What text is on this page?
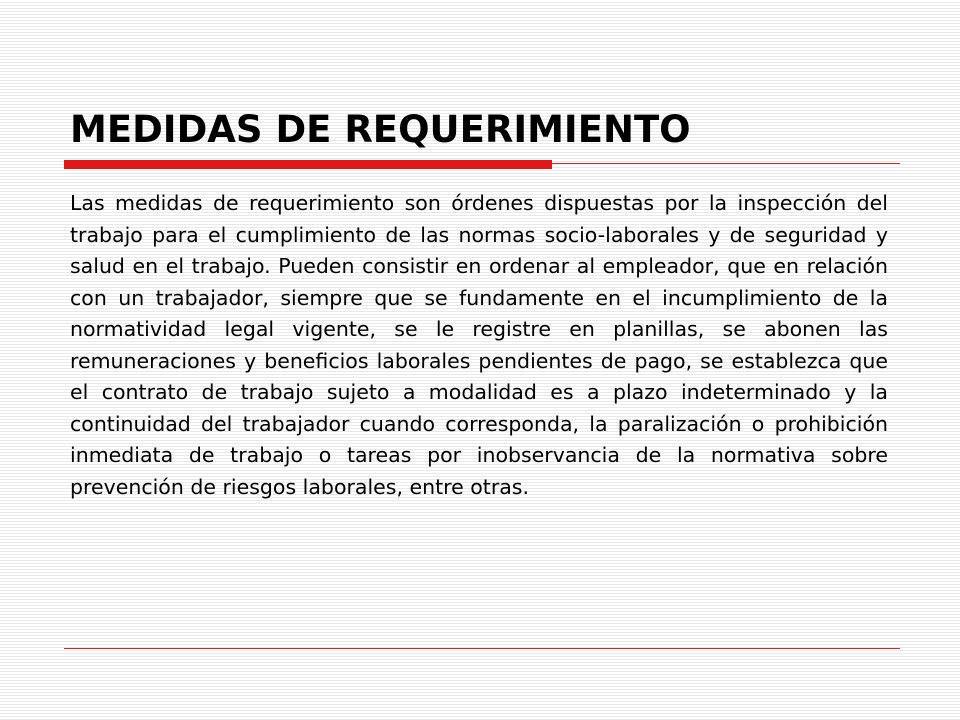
MEDIDAS DE REQUERIMIENTO

Las medidas de requerimiento son órdenes dispuestas por la inspección del trabajo para el cumplimiento de las normas socio-laborales y de seguridad y salud en el trabajo. Pueden consistir en ordenar al empleador, que en relación con un trabajador, siempre que se fundamente en el incumplimiento de la normatividad legal vigente, se le registre en planillas, se abonen las remuneraciones y beneficios laborales pendientes de pago, se establezca que el contrato de trabajo sujeto a modalidad es a plazo indeterminado y la continuidad del trabajador cuando corresponda, la paralización o prohibición inmediata de trabajo o tareas por inobservancia de la normativa sobre prevención de riesgos laborales, entre otras.
